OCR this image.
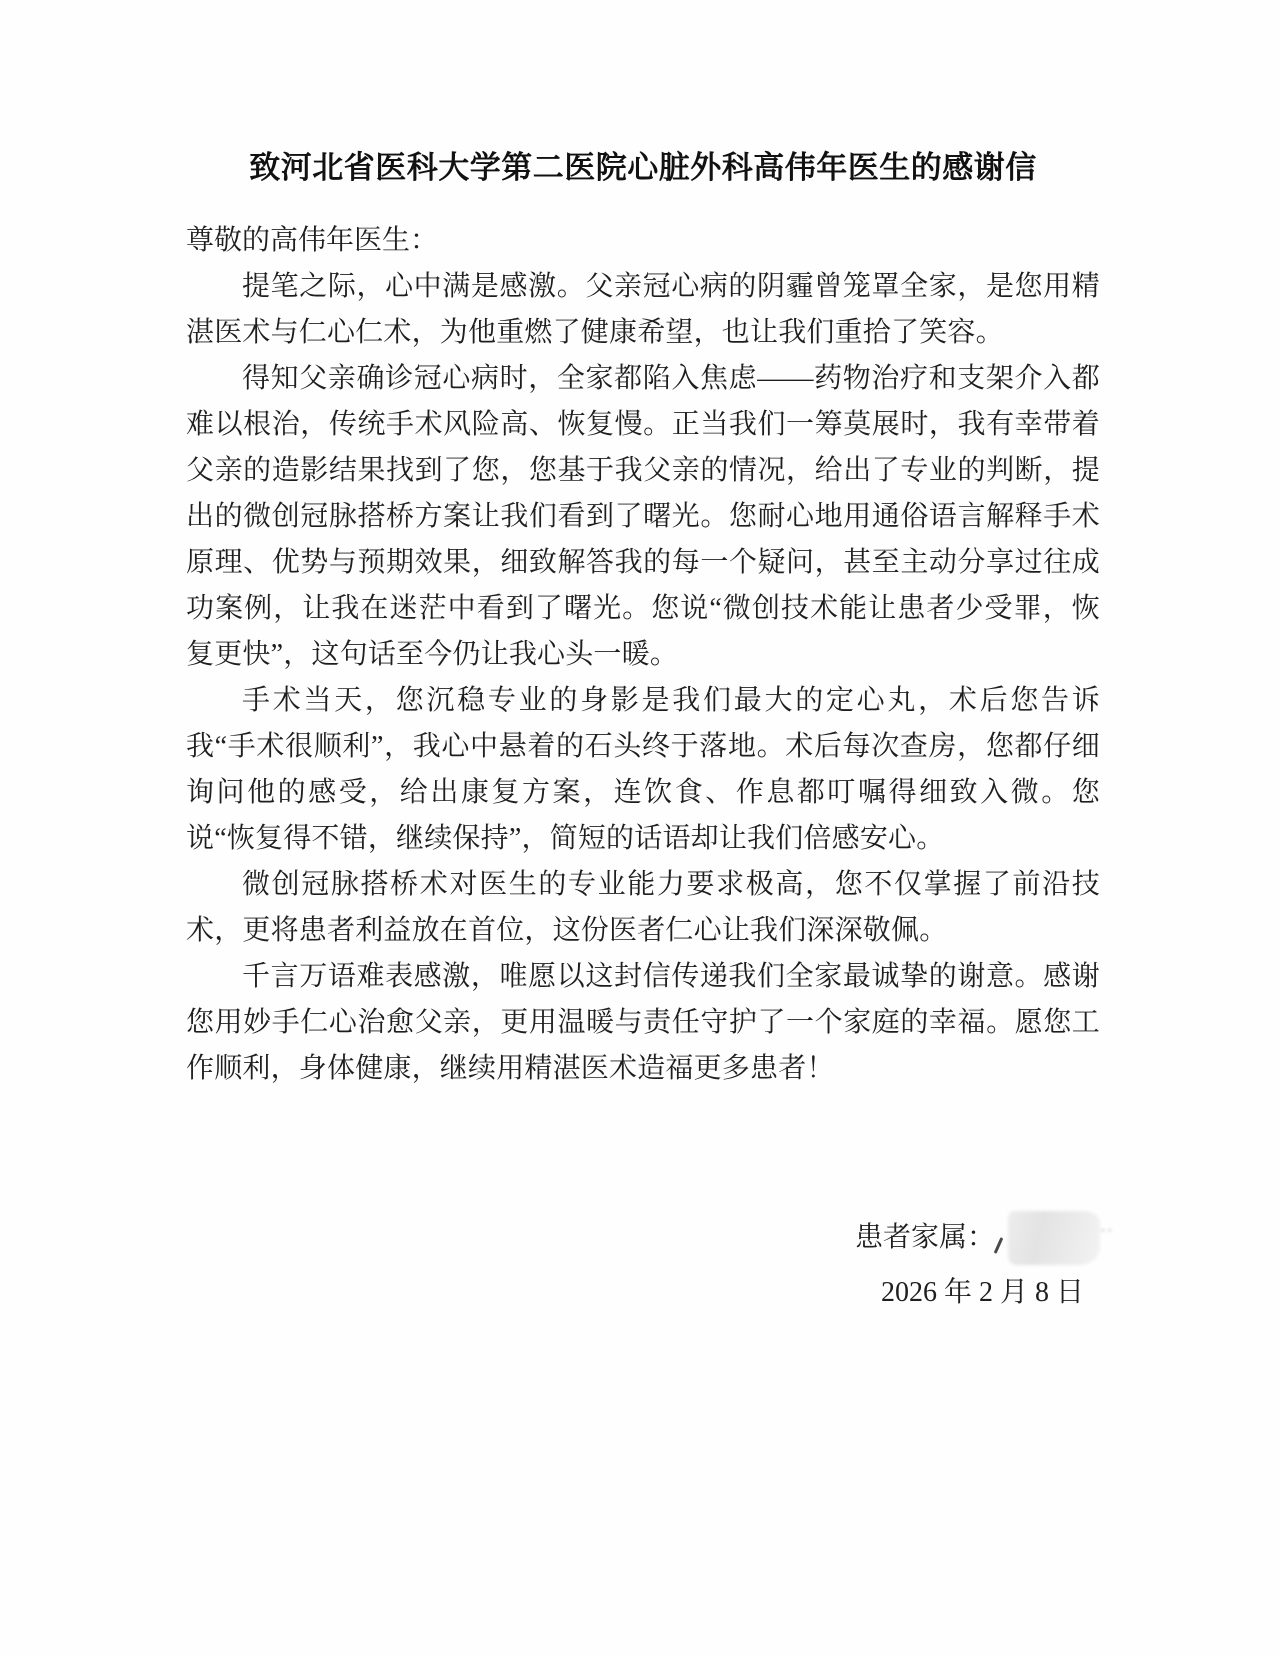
致河北省医科大学第二医院心脏外科高伟年医生的感谢信

尊敬的高伟年医生：

提笔之际，心中满是感激。父亲冠心病的阴霾曾笼罩全家，是您用精湛医术与仁心仁术，为他重燃了健康希望，也让我们重拾了笑容。

得知父亲确诊冠心病时，全家都陷入焦虑——药物治疗和支架介入都难以根治，传统手术风险高、恢复慢。正当我们一筹莫展时，我有幸带着父亲的造影结果找到了您，您基于我父亲的情况，给出了专业的判断，提出的微创冠脉搭桥方案让我们看到了曙光。您耐心地用通俗语言解释手术原理、优势与预期效果，细致解答我的每一个疑问，甚至主动分享过往成功案例，让我在迷茫中看到了曙光。您说“微创技术能让患者少受罪，恢复更快”，这句话至今仍让我心头一暖。

手术当天，您沉稳专业的身影是我们最大的定心丸，术后您告诉我“手术很顺利”，我心中悬着的石头终于落地。术后每次查房，您都仔细询问他的感受，给出康复方案，连饮食、作息都叮嘱得细致入微。您说“恢复得不错，继续保持”，简短的话语却让我们倍感安心。

微创冠脉搭桥术对医生的专业能力要求极高，您不仅掌握了前沿技术，更将患者利益放在首位，这份医者仁心让我们深深敬佩。

千言万语难表感激，唯愿以这封信传递我们全家最诚挚的谢意。感谢您用妙手仁心治愈父亲，更用温暖与责任守护了一个家庭的幸福。愿您工作顺利，身体健康，继续用精湛医术造福更多患者！

患者家属：	··
2026 年 2 月 8 日
